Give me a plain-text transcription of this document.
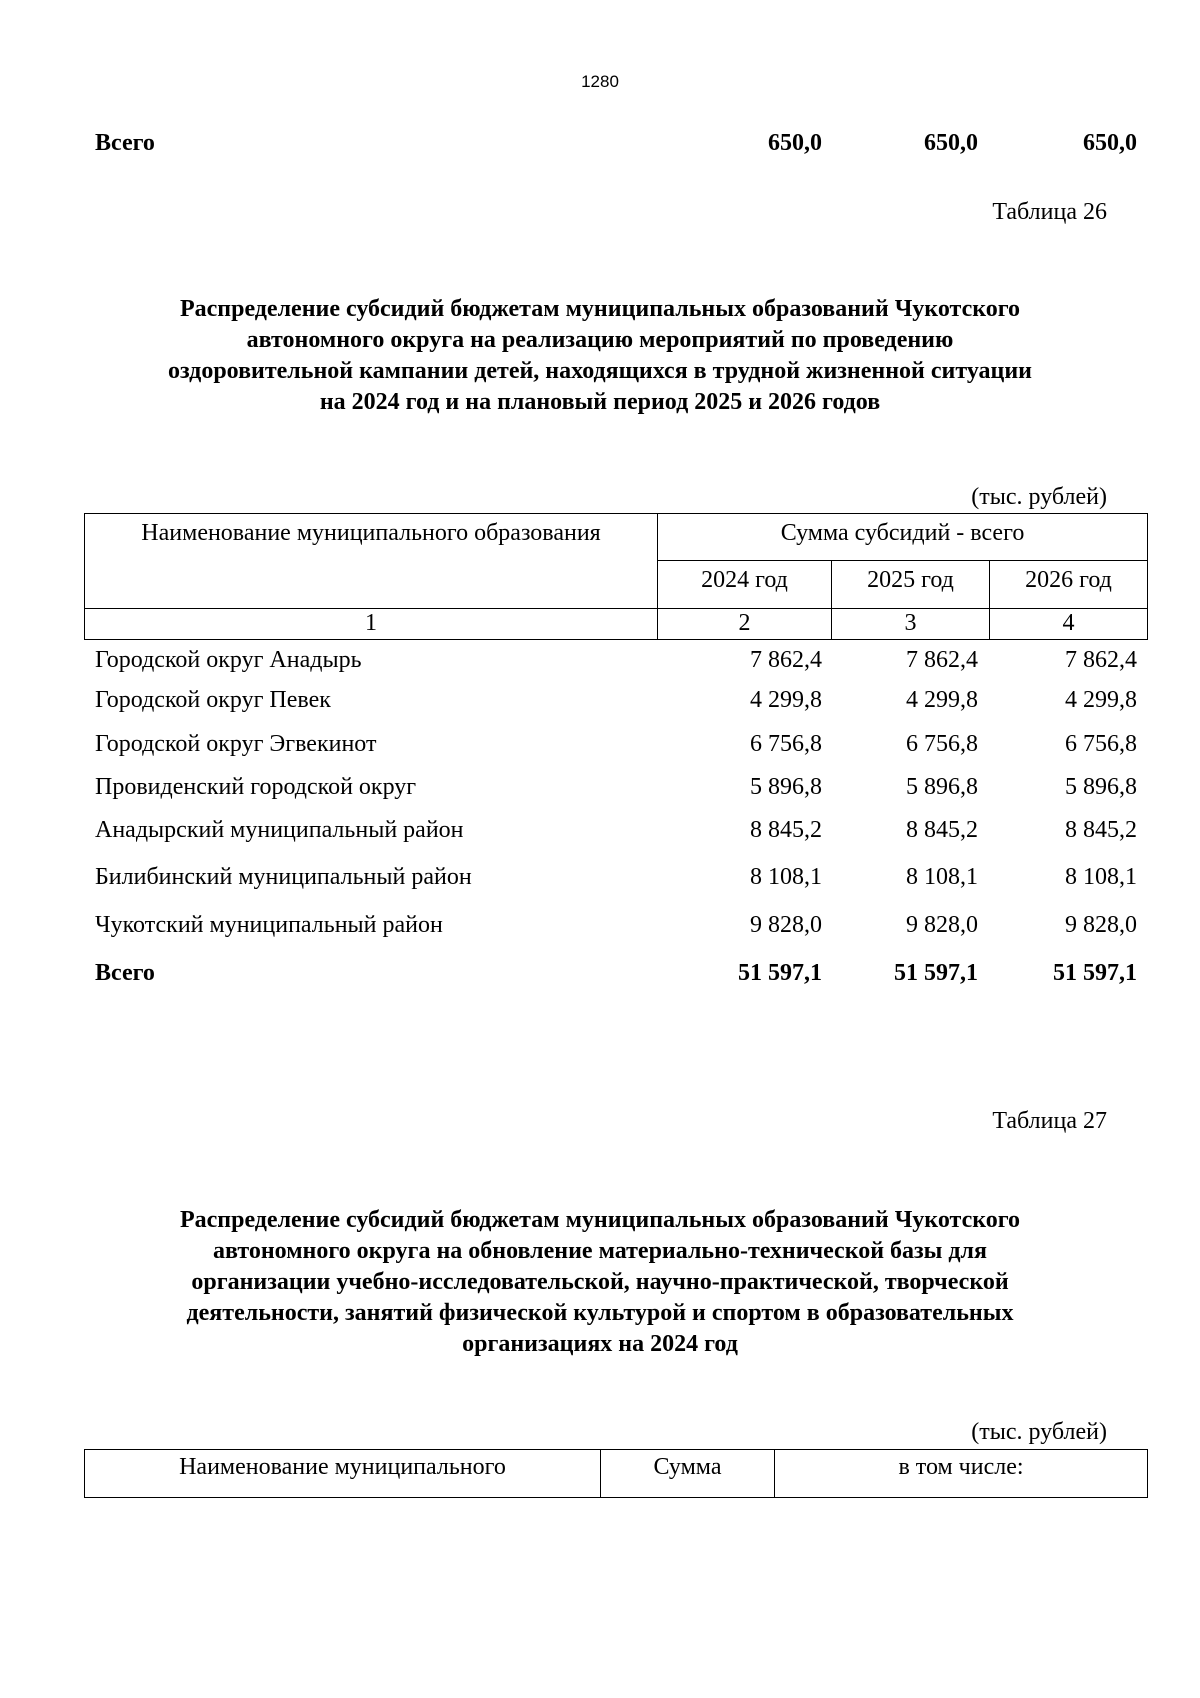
1280
Всего	650,0	650,0	650,0
Таблица 26
Распределение субсидий бюджетам муниципальных образований Чукотского
автономного округа на реализацию мероприятий по проведению
оздоровительной кампании детей, находящихся в трудной жизненной ситуации
на 2024 год и на плановый период 2025 и 2026 годов
(тыс. рублей)
Наименование муниципального образования	Сумма субсидий - всего		
	2024 год	2025 год	2026 год
1	2	3	4
Городской округ Анадырь	7 862,4	7 862,4	7 862,4
Городской округ Певек	4 299,8	4 299,8	4 299,8
Городской округ Эгвекинот	6 756,8	6 756,8	6 756,8
Провиденский городской округ	5 896,8	5 896,8	5 896,8
Анадырский муниципальный район	8 845,2	8 845,2	8 845,2
Билибинский муниципальный район	8 108,1	8 108,1	8 108,1
Чукотский муниципальный район	9 828,0	9 828,0	9 828,0
Всего	51 597,1	51 597,1	51 597,1
Таблица 27
Распределение субсидий бюджетам муниципальных образований Чукотского
автономного округа на обновление материально-технической базы для
организации учебно-исследовательской, научно-практической, творческой
деятельности, занятий физической культурой и спортом в образовательных
организациях на 2024 год
(тыс. рублей)
Наименование муниципального	Сумма	в том числе:
